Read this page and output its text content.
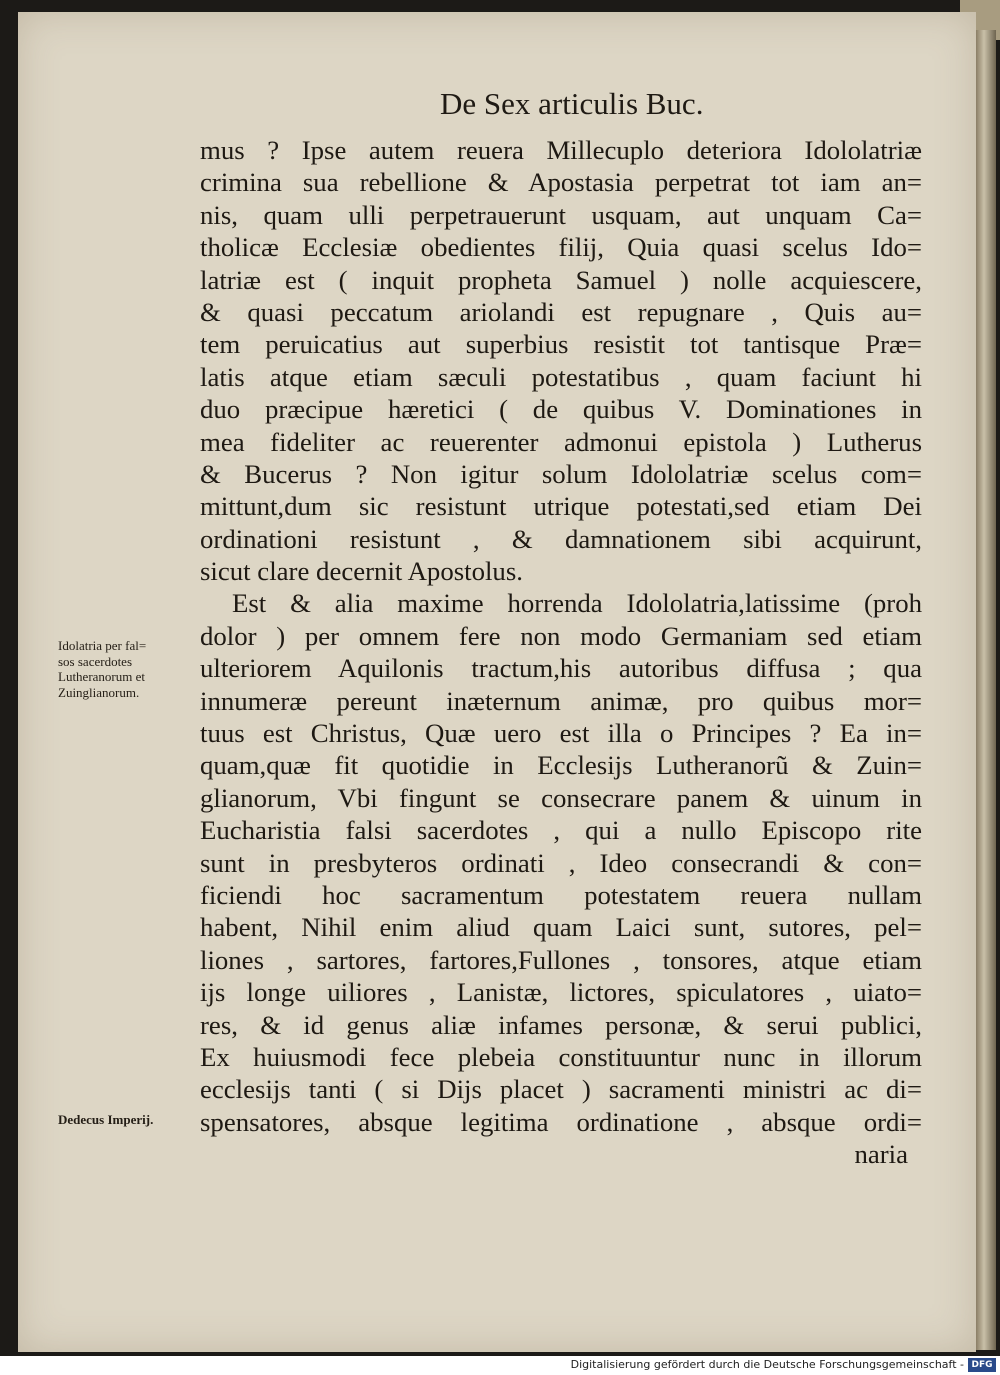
De Sex articulis Buc.
mus ? Ipse autem reuera Millecuplo deteriora Idololatriæ
crimina sua rebellione & Apostasia perpetrat tot iam an=
nis, quam ulli perpetrauerunt usquam, aut unquam Ca=
tholicæ Ecclesiæ obedientes filij, Quia quasi scelus Ido=
latriæ est ( inquit propheta Samuel ) nolle acquiescere,
& quasi peccatum ariolandi est repugnare , Quis au=
tem peruicatius aut superbius resistit tot tantisque Præ=
latis atque etiam sæculi potestatibus , quam faciunt hi
duo præcipue hæretici ( de quibus V. Dominationes in
mea fideliter ac reuerenter admonui epistola ) Lutherus
& Bucerus ? Non igitur solum Idololatriæ scelus com=
mittunt,dum sic resistunt utrique potestati,sed etiam Dei
ordinationi resistunt , & damnationem sibi acquirunt,
sicut clare decernit Apostolus.
Est & alia maxime horrenda Idololatria,latissime (proh
dolor ) per omnem fere non modo Germaniam sed etiam
ulteriorem Aquilonis tractum,his autoribus diffusa ; qua
innumeræ pereunt inæternum animæ, pro quibus mor=
tuus est Christus, Quæ uero est illa o Principes ? Ea in=
quam,quæ fit quotidie in Ecclesijs Lutheranorũ & Zuin=
glianorum, Vbi fingunt se consecrare panem & uinum in
Eucharistia falsi sacerdotes , qui a nullo Episcopo rite
sunt in presbyteros ordinati , Ideo consecrandi & con=
ficiendi hoc sacramentum potestatem reuera nullam
habent, Nihil enim aliud quam Laici sunt, sutores, pel=
liones , sartores, fartores,Fullones , tonsores, atque etiam
ijs longe uiliores , Lanistæ, lictores, spiculatores , uiato=
res, & id genus aliæ infames personæ, & serui publici,
Ex huiusmodi fece plebeia constituuntur nunc in illorum
ecclesijs tanti ( si Dijs placet ) sacramenti ministri ac di=
spensatores, absque legitima ordinatione , absque ordi=
naria
Idolatria per fal=
sos sacerdotes
Lutheranorum et
Zuinglianorum.
Dedecus Imperij.
Digitalisierung gefördert durch die Deutsche Forschungsgemeinschaft - DFG
